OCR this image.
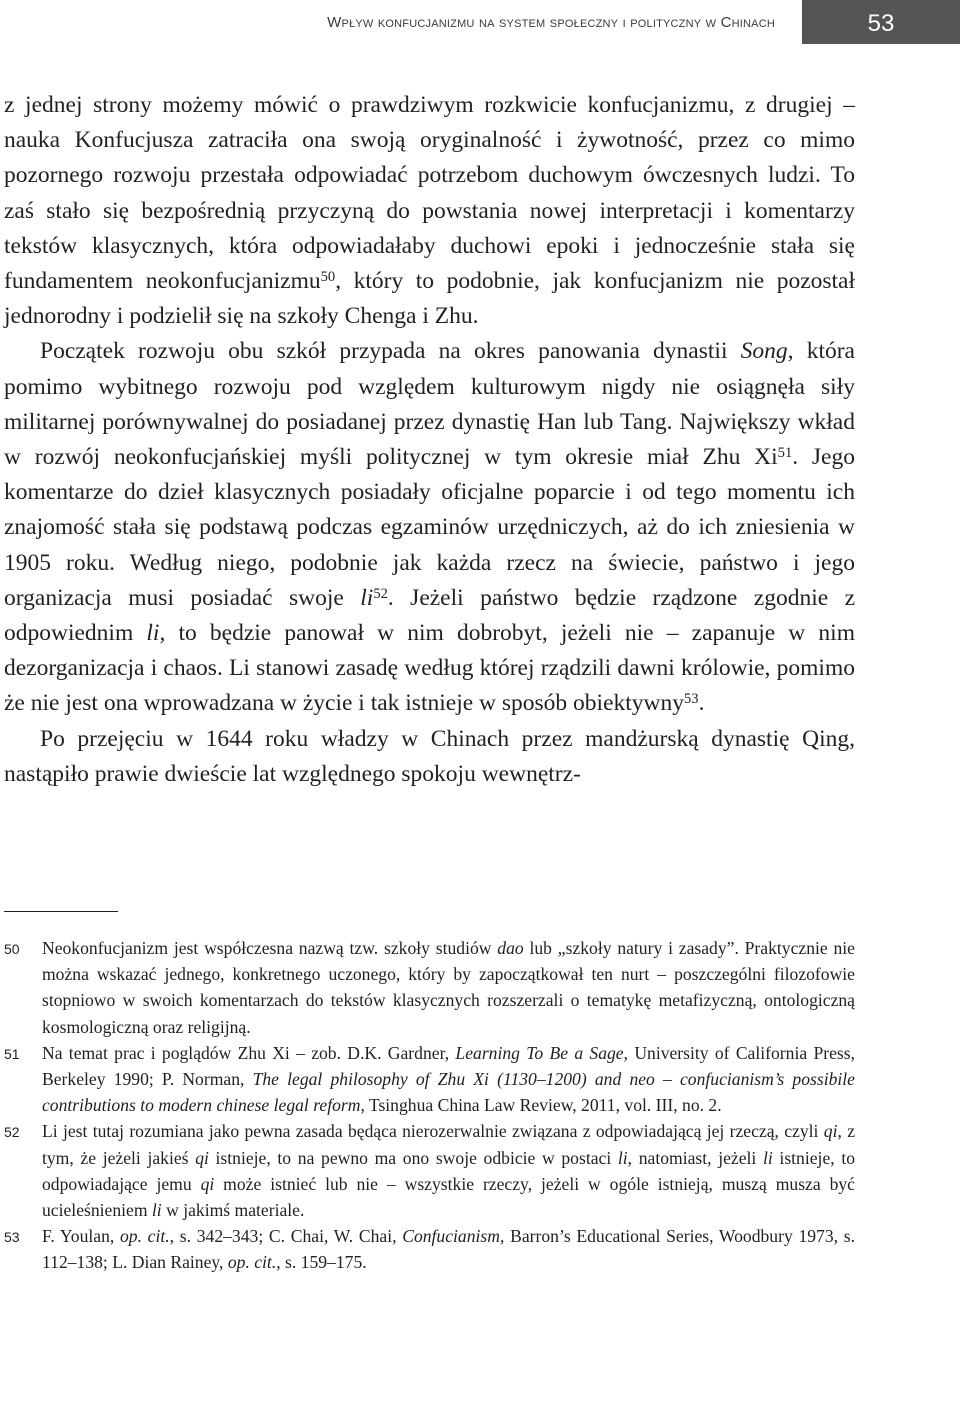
Wpływ konfucjanizmu na system społeczny i polityczny w Chinach	53

z jednej strony możemy mówić o prawdziwym rozkwicie konfucjanizmu, z drugiej – nauka Konfucjusza zatraciła ona swoją oryginalność i żywotność, przez co mimo pozornego rozwoju przestała odpowiadać potrzebom duchowym ówczesnych ludzi. To zaś stało się bezpośrednią przyczyną do powstania nowej interpretacji i komentarzy tekstów klasycznych, która odpowiadałaby duchowi epoki i jednocześnie stała się fundamentem neokonfucjanizmu$^{50}$, który to podobnie, jak konfucjanizm nie pozostał jednorodny i podzielił się na szkoły Chenga i Zhu.

Początek rozwoju obu szkół przypada na okres panowania dynastii Song, która pomimo wybitnego rozwoju pod względem kulturowym nigdy nie osiągnęła siły militarnej porównywalnej do posiadanej przez dynastię Han lub Tang. Największy wkład w rozwój neokonfucjańskiej myśli politycznej w tym okresie miał Zhu Xi$^{51}$. Jego komentarze do dzieł klasycznych posiadały oficjalne poparcie i od tego momentu ich znajomość stała się podstawą podczas egzaminów urzędniczych, aż do ich zniesienia w 1905 roku. Według niego, podobnie jak każda rzecz na świecie, państwo i jego organizacja musi posiadać swoje li$^{52}$. Jeżeli państwo będzie rządzone zgodnie z odpowiednim li, to będzie panował w nim dobrobyt, jeżeli nie – zapanuje w nim dezorganizacja i chaos. Li stanowi zasadę według której rządzili dawni królowie, pomimo że nie jest ona wprowadzana w życie i tak istnieje w sposób obiektywny$^{53}$.

Po przejęciu w 1644 roku władzy w Chinach przez mandżurską dynastię Qing, nastąpiło prawie dwieście lat względnego spokoju wewnętrz-

50 Neokonfucjanizm jest współczesna nazwą tzw. szkoły studiów dao lub „szkoły natury i zasady”. Praktycznie nie można wskazać jednego, konkretnego uczonego, który by zapoczątkował ten nurt – poszczególni filozofowie stopniowo w swoich komentarzach do tekstów klasycznych rozszerzali o tematykę metafizyczną, ontologiczną kosmologiczną oraz religijną.
51 Na temat prac i poglądów Zhu Xi – zob. D.K. Gardner, Learning To Be a Sage, University of California Press, Berkeley 1990; P. Norman, The legal philosophy of Zhu Xi (1130–1200) and neo – confucianism’s possibile contributions to modern chinese legal reform, Tsinghua China Law Review, 2011, vol. III, no. 2.
52 Li jest tutaj rozumiana jako pewna zasada będąca nierozerwalnie związana z odpowiadającą jej rzeczą, czyli qi, z tym, że jeżeli jakieś qi istnieje, to na pewno ma ono swoje odbicie w postaci li, natomiast, jeżeli li istnieje, to odpowiadające jemu qi może istnieć lub nie – wszystkie rzeczy, jeżeli w ogóle istnieją, muszą musza być ucieleśnieniem li w jakimś materiale.
53 F. Youlan, op. cit., s. 342–343; C. Chai, W. Chai, Confucianism, Barron’s Educational Series, Woodbury 1973, s. 112–138; L. Dian Rainey, op. cit., s. 159–175.
